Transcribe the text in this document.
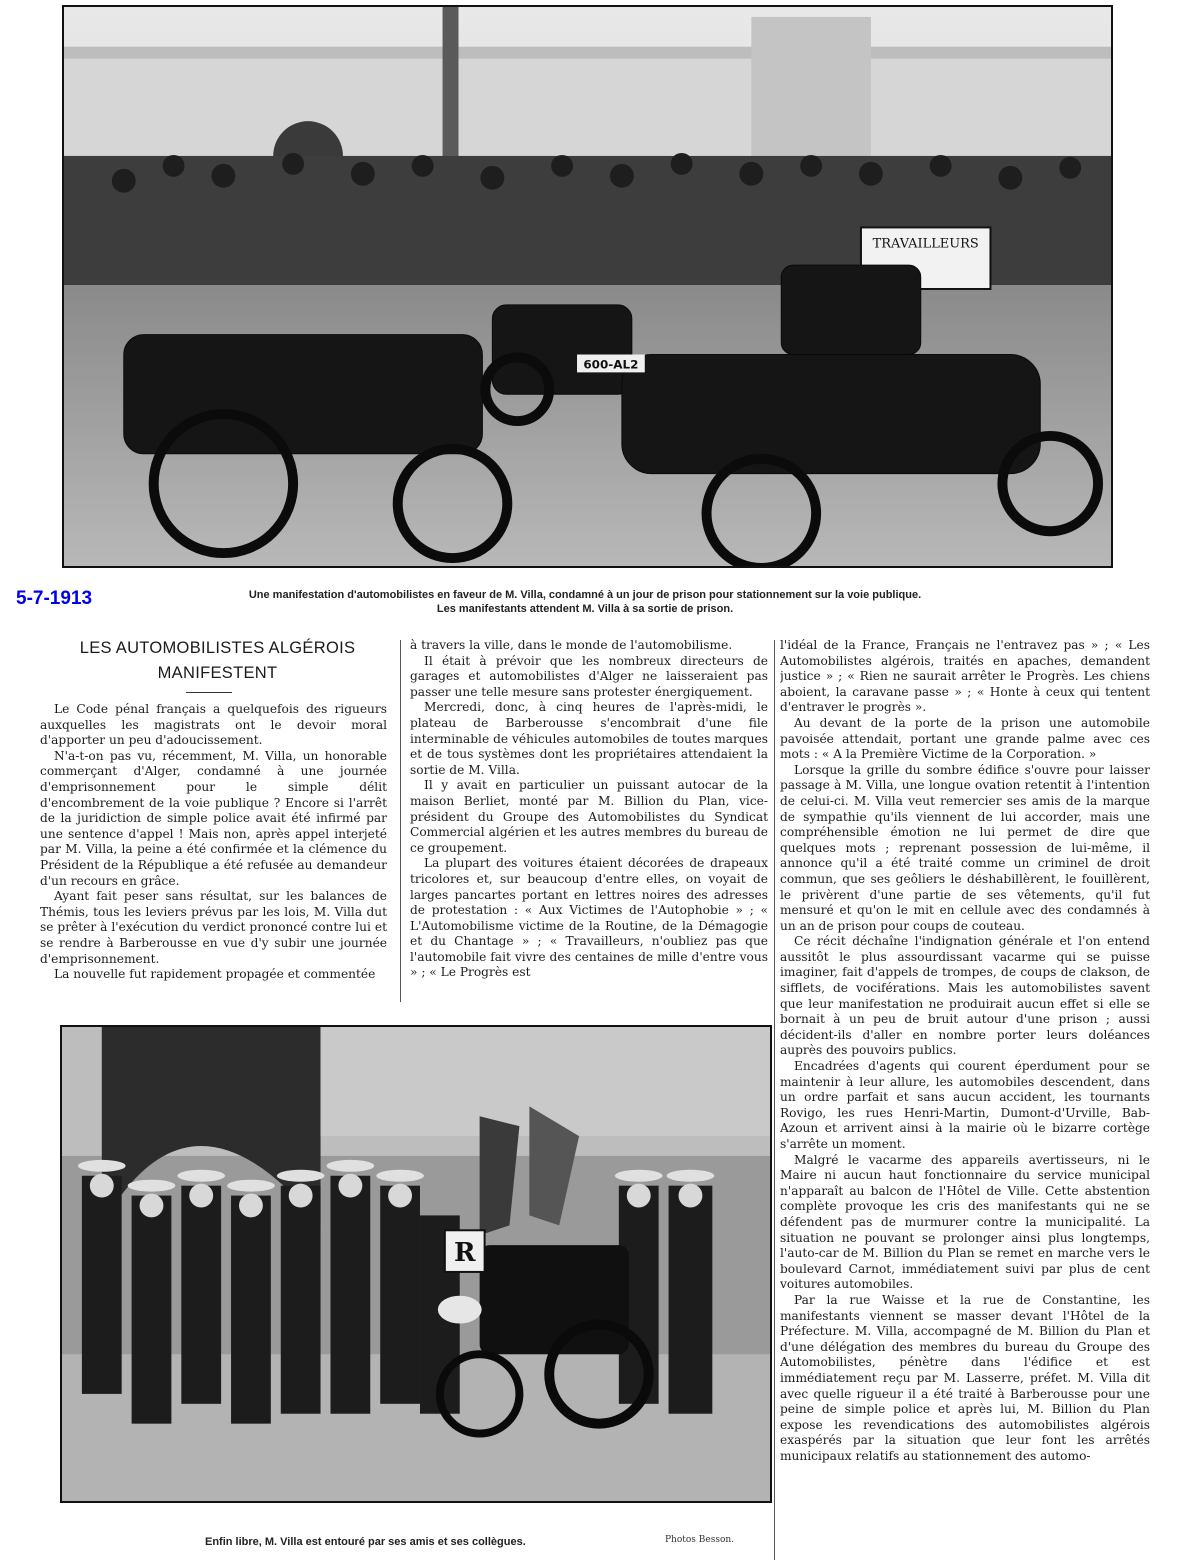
TRAVAILLEURS
600-AL2
5-7-1913	Une manifestation d'automobilistes en faveur de M. Villa, condamné à un jour de prison pour stationnement sur la voie publique.
Les manifestants attendent M. Villa à sa sortie de prison.
LES AUTOMOBILISTES ALGÉROIS
MANIFESTENT

Le Code pénal français a quelquefois des rigueurs auxquelles les magistrats ont le devoir moral d'apporter un peu d'adoucissement.

N'a-t-on pas vu, récemment, M. Villa, un honorable commerçant d'Alger, condamné à une journée d'emprisonnement pour le simple délit d'encombrement de la voie publique ? Encore si l'arrêt de la juridiction de simple police avait été infirmé par une sentence d'appel ! Mais non, après appel interjeté par M. Villa, la peine a été confirmée et la clémence du Président de la République a été refusée au demandeur d'un recours en grâce.

Ayant fait peser sans résultat, sur les balances de Thémis, tous les leviers prévus par les lois, M. Villa dut se prêter à l'exécution du verdict prononcé contre lui et se rendre à Barberousse en vue d'y subir une journée d'emprisonnement.

La nouvelle fut rapidement propagée et commentée

à travers la ville, dans le monde de l'automobilisme.

Il était à prévoir que les nombreux directeurs de garages et automobilistes d'Alger ne laisseraient pas passer une telle mesure sans protester énergiquement.

Mercredi, donc, à cinq heures de l'après-midi, le plateau de Barberousse s'encombrait d'une file interminable de véhicules automobiles de toutes marques et de tous systèmes dont les propriétaires attendaient la sortie de M. Villa.

Il y avait en particulier un puissant autocar de la maison Berliet, monté par M. Billion du Plan, vice-président du Groupe des Automobilistes du Syndicat Commercial algérien et les autres membres du bureau de ce groupement.

La plupart des voitures étaient décorées de drapeaux tricolores et, sur beaucoup d'entre elles, on voyait de larges pancartes portant en lettres noires des adresses de protestation : « Aux Victimes de l'Autophobie » ; « L'Automobilisme victime de la Routine, de la Démagogie et du Chantage » ; « Travailleurs, n'oubliez pas que l'automobile fait vivre des centaines de mille d'entre vous » ; « Le Progrès est

l'idéal de la France, Français ne l'entravez pas » ; « Les Automobilistes algérois, traités en apaches, demandent justice » ; « Rien ne saurait arrêter le Progrès. Les chiens aboient, la caravane passe » ; « Honte à ceux qui tentent d'entraver le progrès ».

Au devant de la porte de la prison une automobile pavoisée attendait, portant une grande palme avec ces mots : « A la Première Victime de la Corporation. »

Lorsque la grille du sombre édifice s'ouvre pour laisser passage à M. Villa, une longue ovation retentit à l'intention de celui-ci. M. Villa veut remercier ses amis de la marque de sympathie qu'ils viennent de lui accorder, mais une compréhensible émotion ne lui permet de dire que quelques mots ; reprenant possession de lui-même, il annonce qu'il a été traité comme un criminel de droit commun, que ses geôliers le déshabillèrent, le fouillèrent, le privèrent d'une partie de ses vêtements, qu'il fut mensuré et qu'on le mit en cellule avec des condamnés à un an de prison pour coups de couteau.

Ce récit déchaîne l'indignation générale et l'on entend aussitôt le plus assourdissant vacarme qui se puisse imaginer, fait d'appels de trompes, de coups de clakson, de sifflets, de vociférations. Mais les automobilistes savent que leur manifestation ne produirait aucun effet si elle se bornait à un peu de bruit autour d'une prison ; aussi décident-ils d'aller en nombre porter leurs doléances auprès des pouvoirs publics.

Encadrées d'agents qui courent éperdument pour se maintenir à leur allure, les automobiles descendent, dans un ordre parfait et sans aucun accident, les tournants Rovigo, les rues Henri-Martin, Dumont-d'Urville, Bab-Azoun et arrivent ainsi à la mairie où le bizarre cortège s'arrête un moment.

Malgré le vacarme des appareils avertisseurs, ni le Maire ni aucun haut fonctionnaire du service municipal n'apparaît au balcon de l'Hôtel de Ville. Cette abstention complète provoque les cris des manifestants qui ne se défendent pas de murmurer contre la municipalité. La situation ne pouvant se prolonger ainsi plus longtemps, l'auto-car de M. Billion du Plan se remet en marche vers le boulevard Carnot, immédiatement suivi par plus de cent voitures automobiles.

Par la rue Waisse et la rue de Constantine, les manifestants viennent se masser devant l'Hôtel de la Préfecture. M. Villa, accompagné de M. Billion du Plan et d'une délégation des membres du bureau du Groupe des Automobilistes, pénètre dans l'édifice et est immédiatement reçu par M. Lasserre, préfet. M. Villa dit avec quelle rigueur il a été traité à Barberousse pour une peine de simple police et après lui, M. Billion du Plan expose les revendications des automobilistes algérois exaspérés par la situation que leur font les arrêtés municipaux relatifs au stationnement des automo-

R
Enfin libre, M. Villa est entouré par ses amis et ses collègues.	Photos Besson.
